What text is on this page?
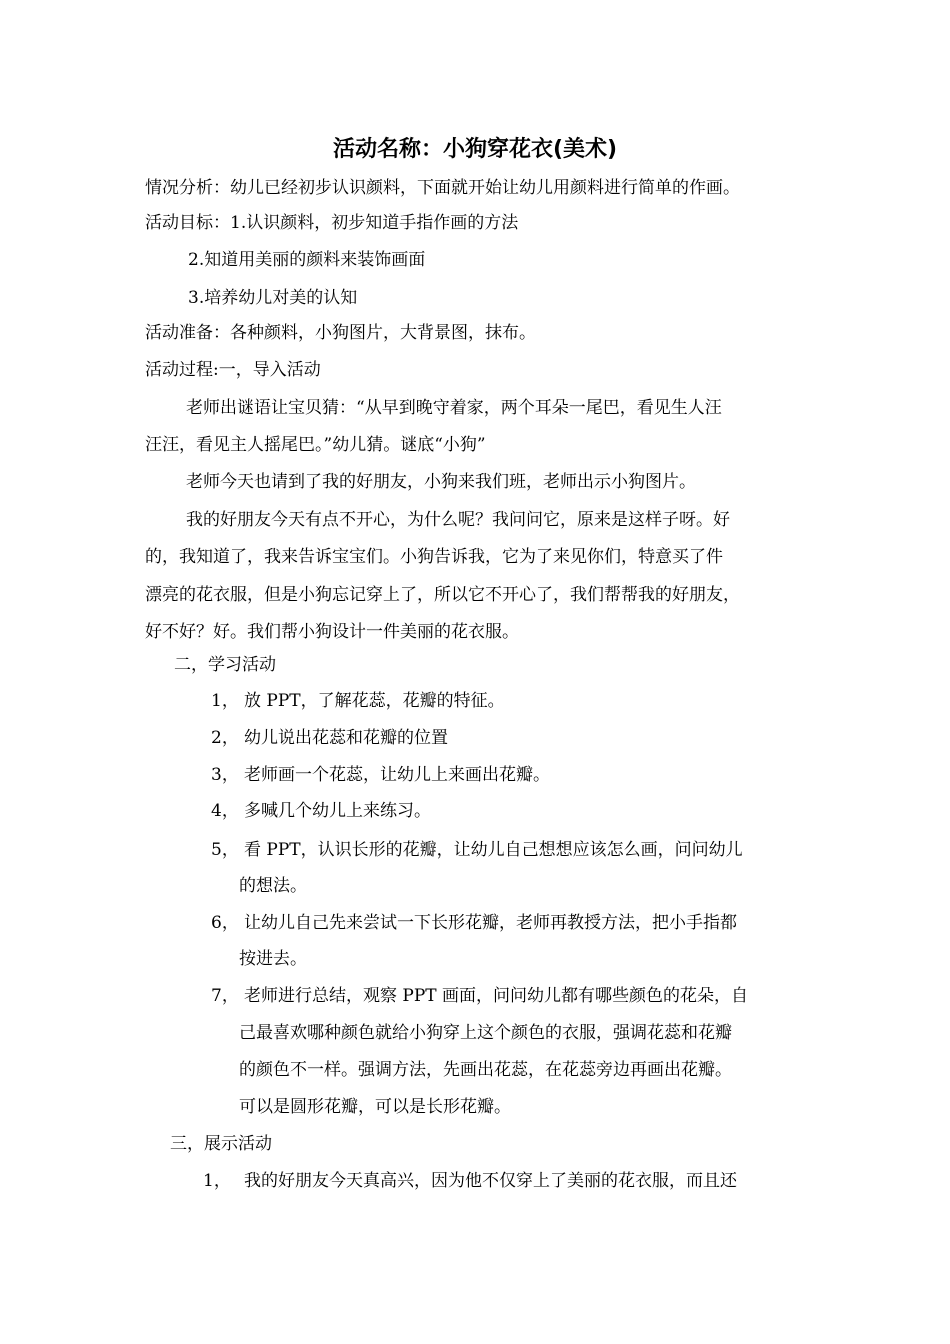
活动名称：小狗穿花衣(美术)
情况分析：幼儿已经初步认识颜料，下面就开始让幼儿用颜料进行简单的作画。
活动目标：1.认识颜料，初步知道手指作画的方法
2.知道用美丽的颜料来装饰画面
3.培养幼儿对美的认知
活动准备：各种颜料，小狗图片，大背景图，抹布。
活动过程:一，导入活动
老师出谜语让宝贝猜：“从早到晚守着家，两个耳朵一尾巴，看见生人汪
汪汪，看见主人摇尾巴。”幼儿猜。谜底“小狗”
老师今天也请到了我的好朋友，小狗来我们班，老师出示小狗图片。
我的好朋友今天有点不开心，为什么呢？我问问它，原来是这样子呀。好
的，我知道了，我来告诉宝宝们。小狗告诉我，它为了来见你们，特意买了件
漂亮的花衣服，但是小狗忘记穿上了，所以它不开心了，我们帮帮我的好朋友，
好不好？好。我们帮小狗设计一件美丽的花衣服。
二，学习活动
1， 放 PPT，了解花蕊，花瓣的特征。
2， 幼儿说出花蕊和花瓣的位置
3， 老师画一个花蕊，让幼儿上来画出花瓣。
4， 多喊几个幼儿上来练习。
5， 看 PPT，认识长形的花瓣，让幼儿自己想想应该怎么画，问问幼儿
的想法。
6， 让幼儿自己先来尝试一下长形花瓣，老师再教授方法，把小手指都
按进去。
7， 老师进行总结，观察 PPT 画面，问问幼儿都有哪些颜色的花朵，自
己最喜欢哪种颜色就给小狗穿上这个颜色的衣服，强调花蕊和花瓣
的颜色不一样。强调方法，先画出花蕊，在花蕊旁边再画出花瓣。
可以是圆形花瓣，可以是长形花瓣。
三，展示活动
1， 我的好朋友今天真高兴，因为他不仅穿上了美丽的花衣服，而且还
